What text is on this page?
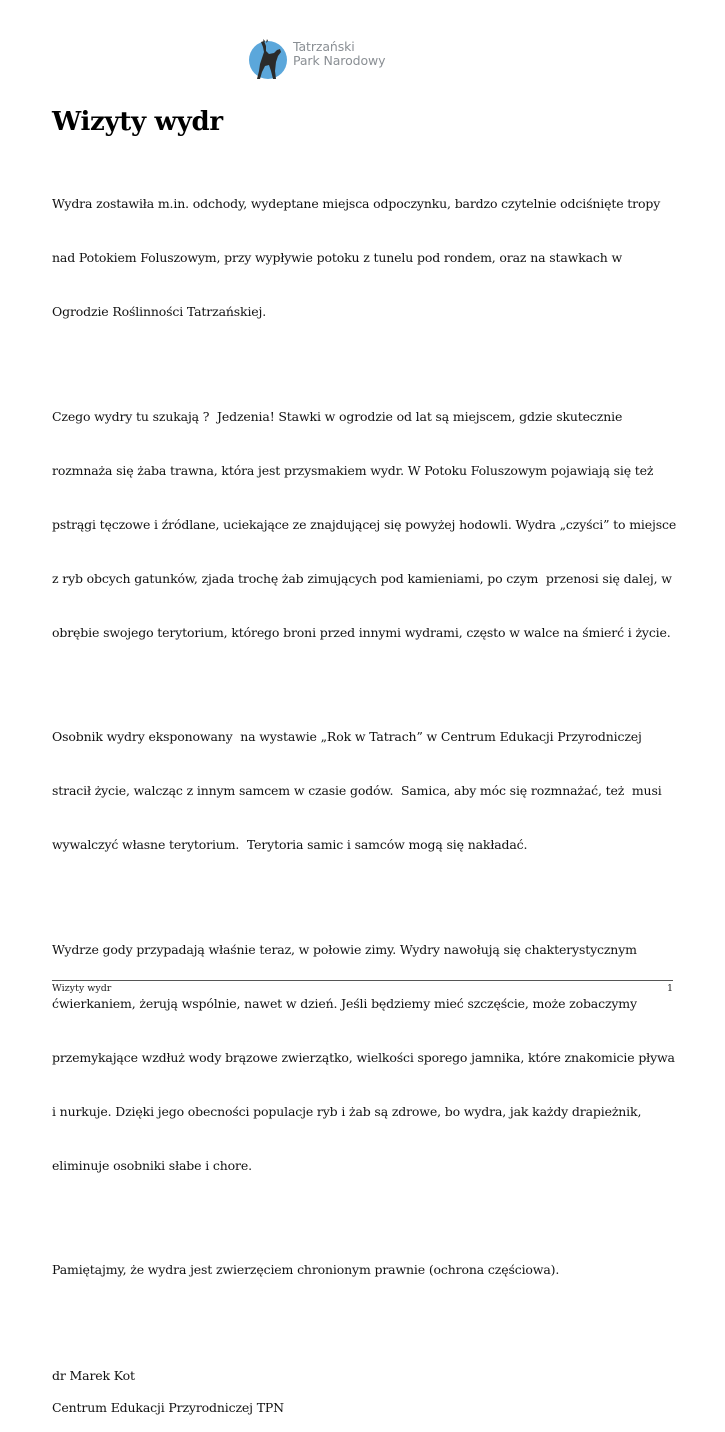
Tatrzański
Park Narodowy
Wizyty wydr

Wydra zostawiła m.in. odchody, wydeptane miejsca odpoczynku, bardzo czytelnie odciśnięte tropy

nad Potokiem Foluszowym, przy wypływie potoku z tunelu pod rondem, oraz na stawkach w

Ogrodzie Roślinności Tatrzańskiej.

Czego wydry tu szukają ?  Jedzenia! Stawki w ogrodzie od lat są miejscem, gdzie skutecznie

rozmnaża się żaba trawna, która jest przysmakiem wydr. W Potoku Foluszowym pojawiają się też

pstrągi tęczowe i źródlane, uciekające ze znajdującej się powyżej hodowli. Wydra „czyści” to miejsce

z ryb obcych gatunków, zjada trochę żab zimujących pod kamieniami, po czym  przenosi się dalej, w

obrębie swojego terytorium, którego broni przed innymi wydrami, często w walce na śmierć i życie.

Osobnik wydry eksponowany  na wystawie „Rok w Tatrach” w Centrum Edukacji Przyrodniczej

stracił życie, walcząc z innym samcem w czasie godów.  Samica, aby móc się rozmnażać, też  musi

wywalczyć własne terytorium.  Terytoria samic i samców mogą się nakładać.

Wydrze gody przypadają właśnie teraz, w połowie zimy. Wydry nawołują się chakterystycznym

ćwierkaniem, żerują wspólnie, nawet w dzień. Jeśli będziemy mieć szczęście, może zobaczymy

przemykające wzdłuż wody brązowe zwierzątko, wielkości sporego jamnika, które znakomicie pływa

i nurkuje. Dzięki jego obecności populacje ryb i żab są zdrowe, bo wydra, jak każdy drapieżnik,

eliminuje osobniki słabe i chore.

Pamiętajmy, że wydra jest zwierzęciem chronionym prawnie (ochrona częściowa).

dr Marek Kot

Centrum Edukacji Przyrodniczej TPN

Wizyty wydr	1
